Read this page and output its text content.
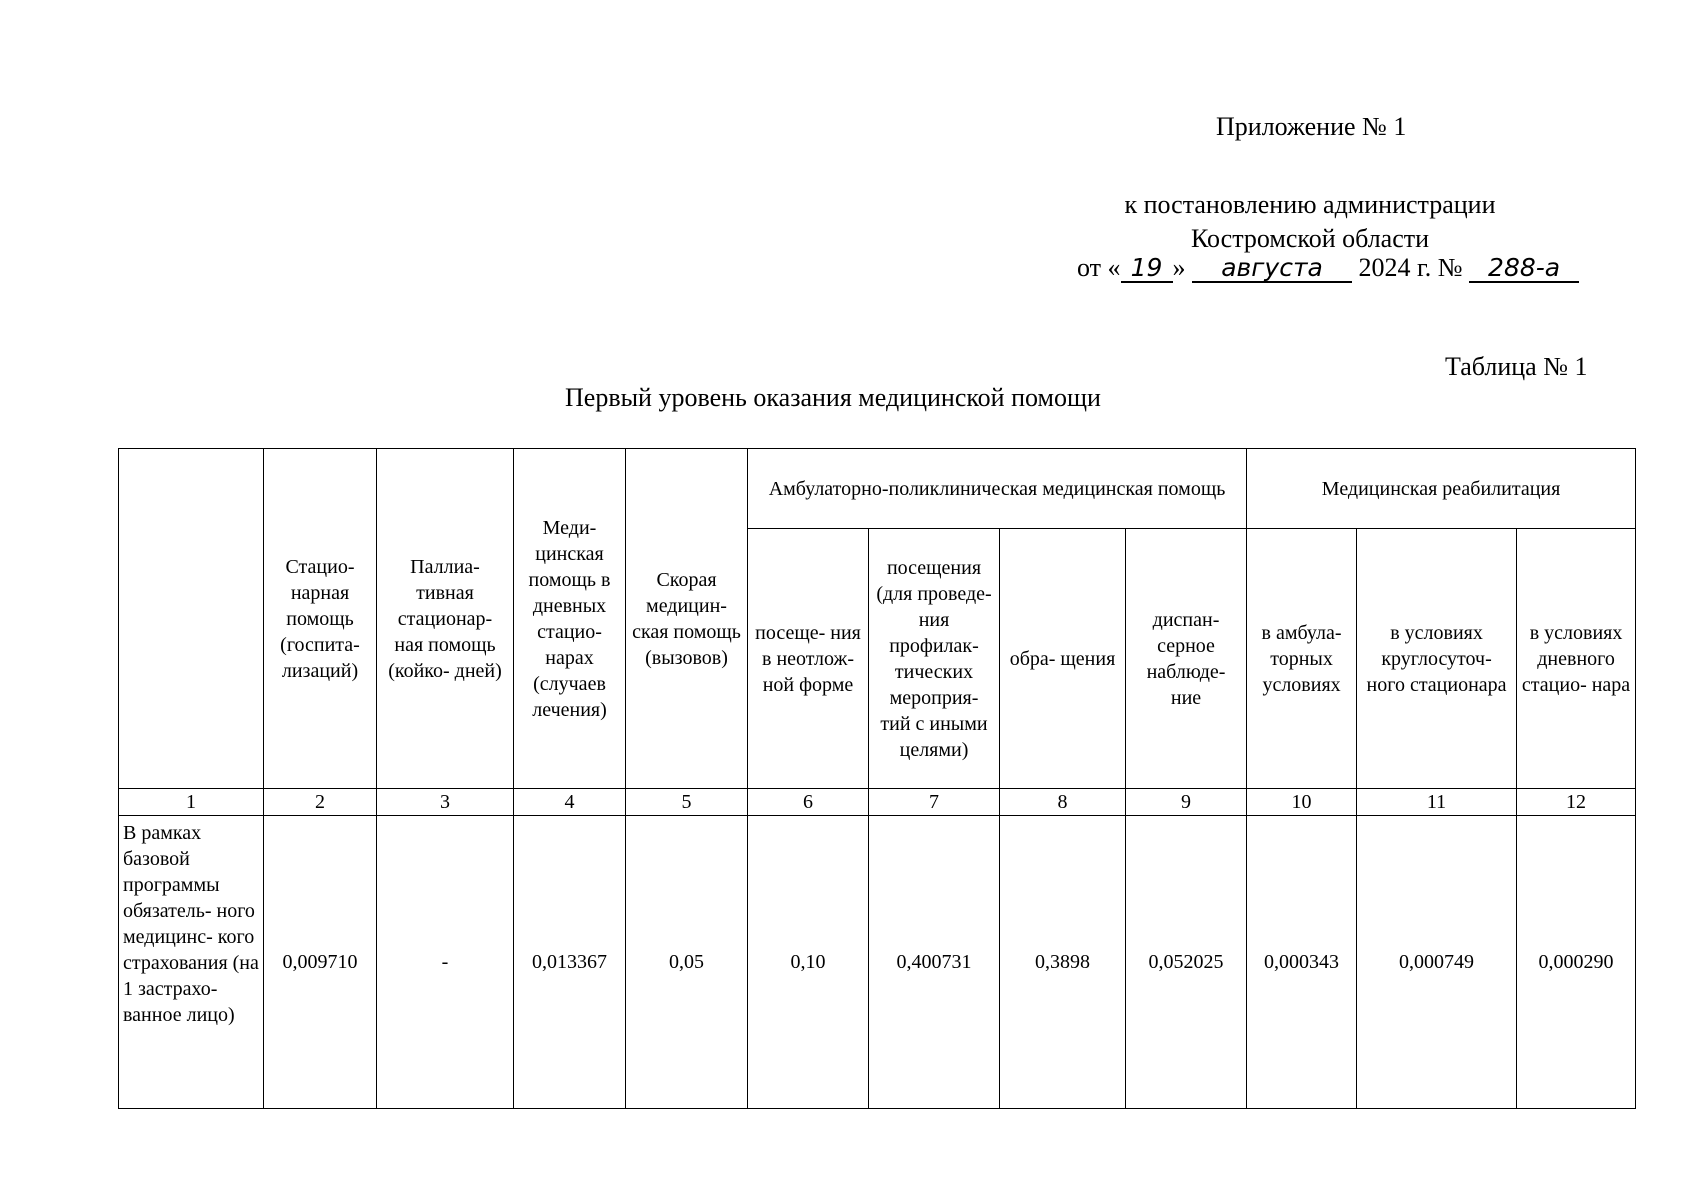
Приложение № 1
к постановлению администрации
Костромской области
от « 19 » августа 2024 г. № 288-а
Таблица № 1
Первый уровень оказания медицинской помощи
	Стацио- нарная помощь (госпита- лизаций)	Паллиа- тивная стационар- ная помощь (койко- дней)	Меди- цинская помощь в дневных стацио- нарах (случаев лечения)	Скорая медицин- ская помощь (вызовов)	Амбулаторно-поликлиническая медицинская помощь				Медицинская реабилитация		
					посеще- ния в неотлож- ной форме	посещения (для проведе- ния профилак- тических мероприя- тий с иными целями)	обра- щения	диспан- серное наблюде- ние	в амбула- торных условиях	в условиях круглосуточ- ного стационара	в условиях дневного стацио- нара
1	2	3	4	5	6	7	8	9	10	11	12
В рамках базовой программы обязатель- ного медицинс- кого страхования (на 1 застрахо- ванное лицо)	0,009710	-	0,013367	0,05	0,10	0,400731	0,3898	0,052025	0,000343	0,000749	0,000290
